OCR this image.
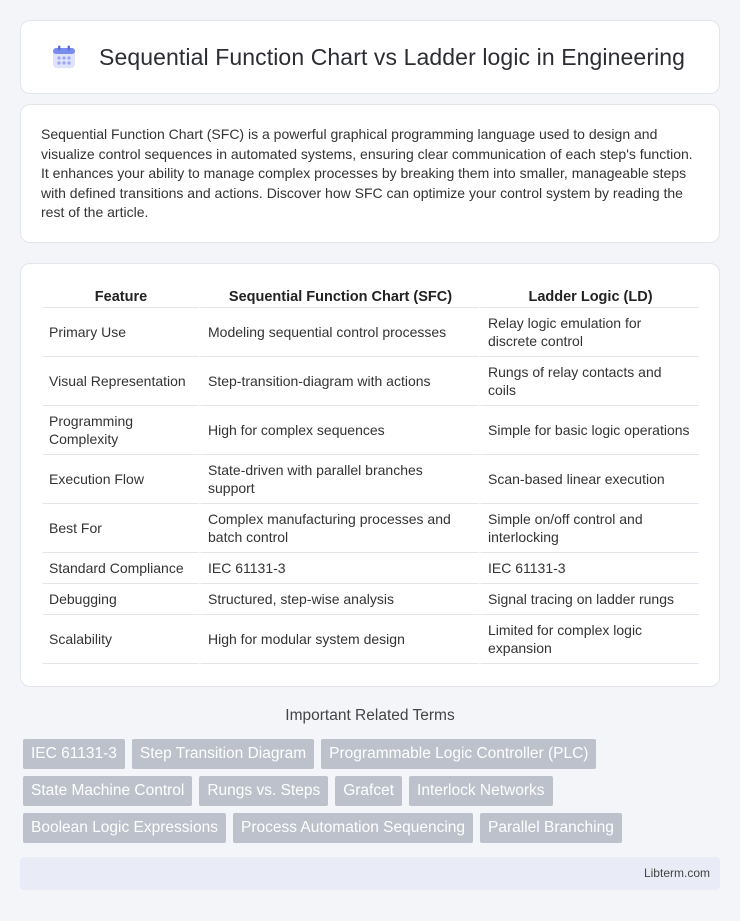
Sequential Function Chart vs Ladder logic in Engineering

Sequential Function Chart (SFC) is a powerful graphical programming language used to design and visualize control sequences in automated systems, ensuring clear communication of each step's function. It enhances your ability to manage complex processes by breaking them into smaller, manageable steps with defined transitions and actions. Discover how SFC can optimize your control system by reading the rest of the article.

Feature	Sequential Function Chart (SFC)	Ladder Logic (LD)
Primary Use	Modeling sequential control processes	Relay logic emulation for discrete control
Visual Representation	Step-transition-diagram with actions	Rungs of relay contacts and coils
Programming Complexity	High for complex sequences	Simple for basic logic operations
Execution Flow	State-driven with parallel branches support	Scan-based linear execution
Best For	Complex manufacturing processes and batch control	Simple on/off control and interlocking
Standard Compliance	IEC 61131-3	IEC 61131-3
Debugging	Structured, step-wise analysis	Signal tracing on ladder rungs
Scalability	High for modular system design	Limited for complex logic expansion
Important Related Terms
IEC 61131-3	Step Transition Diagram	Programmable Logic Controller (PLC)
State Machine Control	Rungs vs. Steps	Grafcet	Interlock Networks
Boolean Logic Expressions	Process Automation Sequencing	Parallel Branching
Libterm.com
